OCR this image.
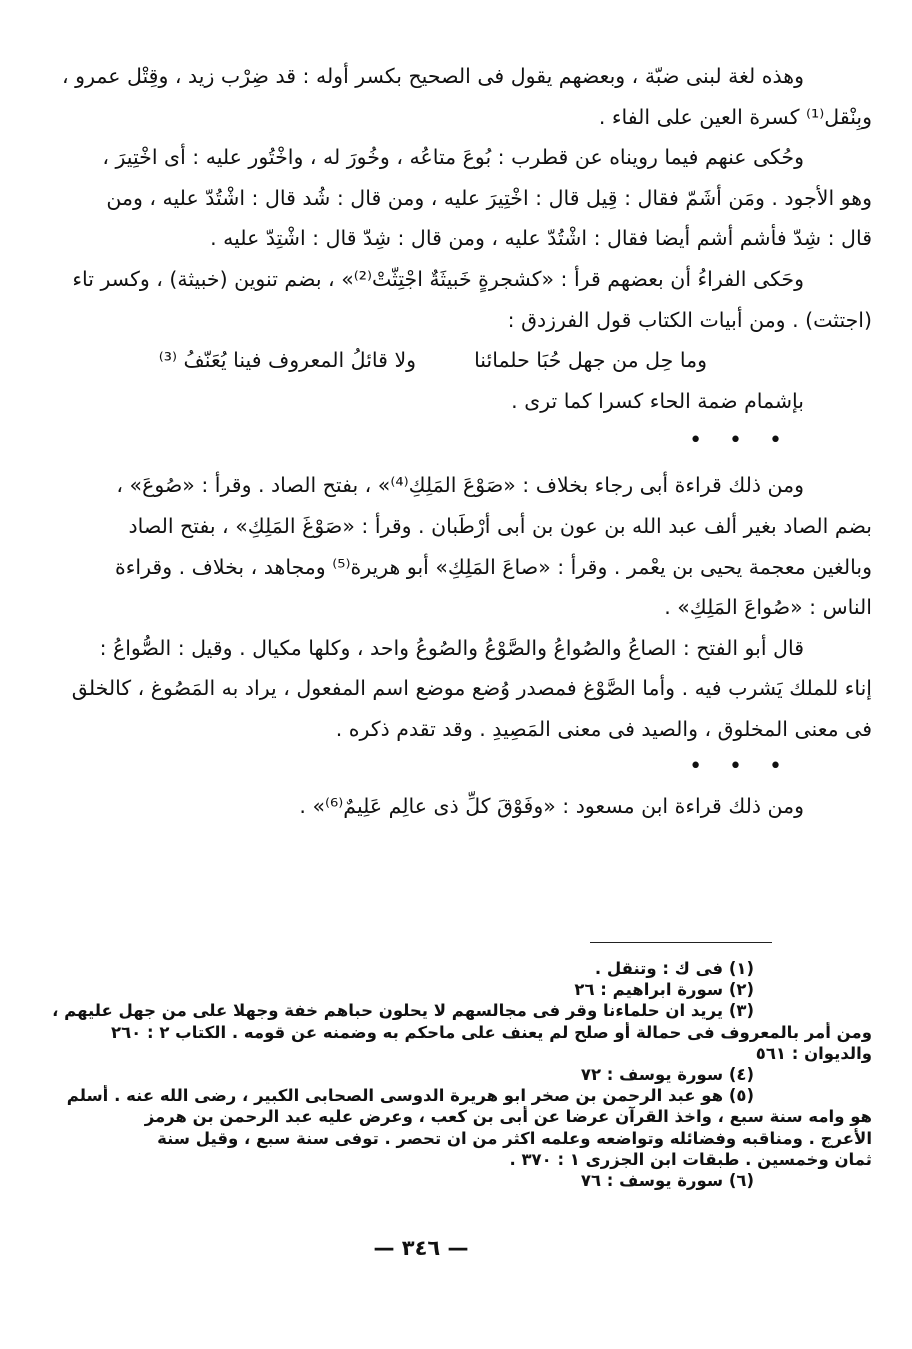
وهذه لغة لبنى ضبّة ، وبعضهم يقول فى الصحيح بكسر أوله : قد ضِرْب زيد ، وقِتْل عمرو ،
وبِنْقل⁽¹⁾ كسرة العين على الفاء .
وحُكى عنهم فيما رويناه عن قطرب : بُوعَ متاعُه ، وخُورَ له ، واخْتُور عليه : أى اخْتِيرَ ،
وهو الأجود . ومَن أشَمّ فقال : قِيل قال : اخْتِيرَ عليه ، ومن قال : شُد قال : اشْتُدّ عليه ، ومن
قال : شِدّ فأشم أشم أيضا فقال : اشْتُدّ عليه ، ومن قال : شِدّ قال : اشْتِدّ عليه .
وحَكى الفراءُ أن بعضهم قرأ : «كشجرةٍ خَبيثَةٌ اجْتِثّتْ⁽²⁾» ، بضم تنوين (خبيثة) ، وكسر تاء
(اجتثت) . ومن أبيات الكتاب قول الفرزدق :
وما حِل من جهل حُبَا حلمائنا
ولا قائلُ المعروف فينا يُعَنّفُ ⁽³⁾
بإشمام ضمة الحاء كسرا كما ترى .
• • •
ومن ذلك قراءة أبى رجاء بخلاف : «صَوْعَ المَلِكِ⁽⁴⁾» ، بفتح الصاد . وقرأ : «صُوعَ» ،
بضم الصاد بغير ألف عبد الله بن عون بن أبى أرْطَبان . وقرأ : «صَوْغَ المَلِكِ» ، بفتح الصاد
وبالغين معجمة يحيى بن يعْمر . وقرأ : «صاعَ المَلِكِ» أبو هريرة⁽⁵⁾ ومجاهد ، بخلاف . وقراءة
الناس : «صُواعَ المَلِكِ» .
قال أبو الفتح : الصاعُ والصُواعُ والصَّوْعُ والصُوعُ واحد ، وكلها مكيال . وقيل : الصُّواعُ :
إناء للملك يَشرب فيه . وأما الصَّوْغ فمصدر وُضع موضع اسم المفعول ، يراد به المَصُوغ ، كالخلق
فى معنى المخلوق ، والصيد فى معنى المَصِيدِ . وقد تقدم ذكره .
• • •
ومن ذلك قراءة ابن مسعود : «وفَوْقَ كلِّ ذى عالِم عَلِيمٌ⁽⁶⁾» .
(١) فى ك : وتنقل .
(٢) سورة ابراهيم : ٢٦
(٣) يريد ان حلماءنا وقر فى مجالسهم لا يحلون حباهم خفة وجهلا على من جهل عليهم ،
ومن أمر بالمعروف فى حمالة أو صلح لم يعنف على ماحكم به وضمنه عن قومه . الكتاب ٢ : ٢٦٠
والديوان : ٥٦١
(٤) سورة يوسف : ٧٢
(٥) هو عبد الرحمن بن صخر ابو هريرة الدوسى الصحابى الكبير ، رضى الله عنه . أسلم
هو وامه سنة سبع ، واخذ القرآن عرضا عن أبى بن كعب ، وعرض عليه عبد الرحمن بن هرمز
الأعرج . ومناقبه وفضائله وتواضعه وعلمه اكثر من ان تحصر . توفى سنة سبع ، وقيل سنة
ثمان وخمسين . طبقات ابن الجزرى ١ : ٣٧٠ .
(٦) سورة يوسف : ٧٦
— ٣٤٦ —
